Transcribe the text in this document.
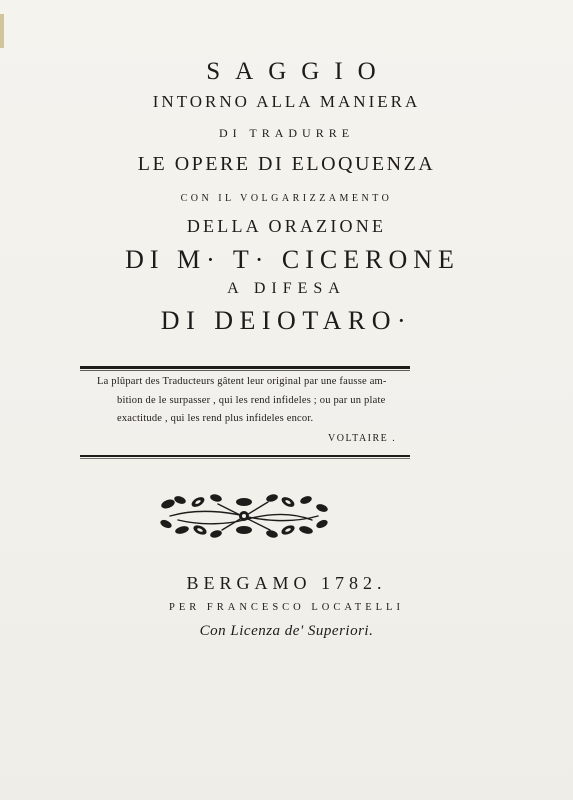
SAGGIO
INTORNO ALLA MANIERA
DI TRADURRE
LE OPERE DI ELOQUENZA
CON IL VOLGARIZZAMENTO
DELLA ORAZIONE
DI M· T· CICERONE
A DIFESA
DI DEIOTARO·
La plûpart des Traducteurs gâtent leur original par une fausse am-
bition de le surpasser , qui les rend infideles ; ou par un plate
exactitude , qui les rend plus infideles encor.
VOLTAIRE .
BERGAMO 1782.
PER FRANCESCO LOCATELLI
Con Licenza de' Superiori.
